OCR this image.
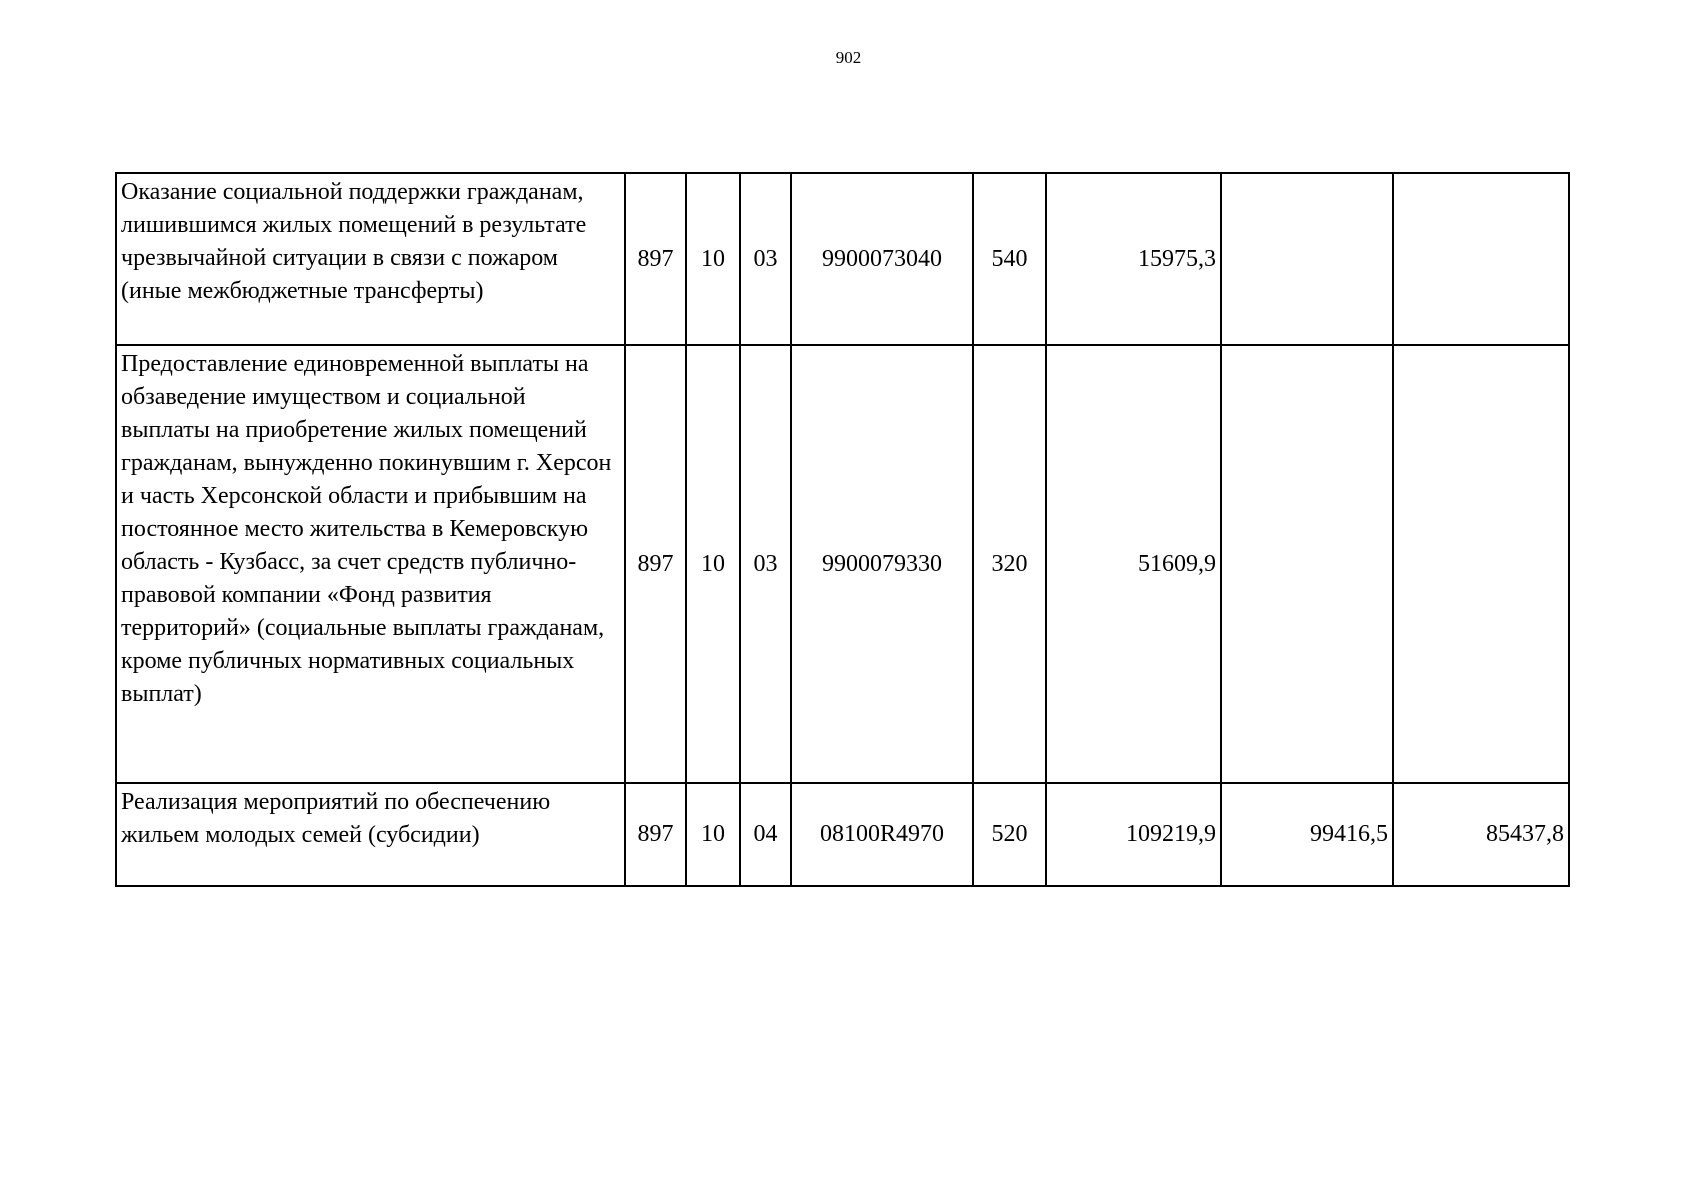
902
Оказание социальной поддержки гражданам, лишившимся жилых помещений в результате чрезвычайной ситуации в связи с пожаром (иные межбюджетные трансферты)	897	10	03	9900073040	540	15975,3		
Предоставление единовременной выплаты на обзаведение имуществом и социальной выплаты на приобретение жилых помещений гражданам, вынужденно покинувшим г. Херсон и часть Херсонской области и прибывшим на постоянное место жительства в Кемеровскую область - Кузбасс, за счет средств публично-правовой компании «Фонд развития территорий» (социальные выплаты гражданам, кроме публичных нормативных социальных выплат)	897	10	03	9900079330	320	51609,9		
Реализация мероприятий по обеспечению жильем молодых семей (субсидии)	897	10	04	08100R4970	520	109219,9	99416,5	85437,8
